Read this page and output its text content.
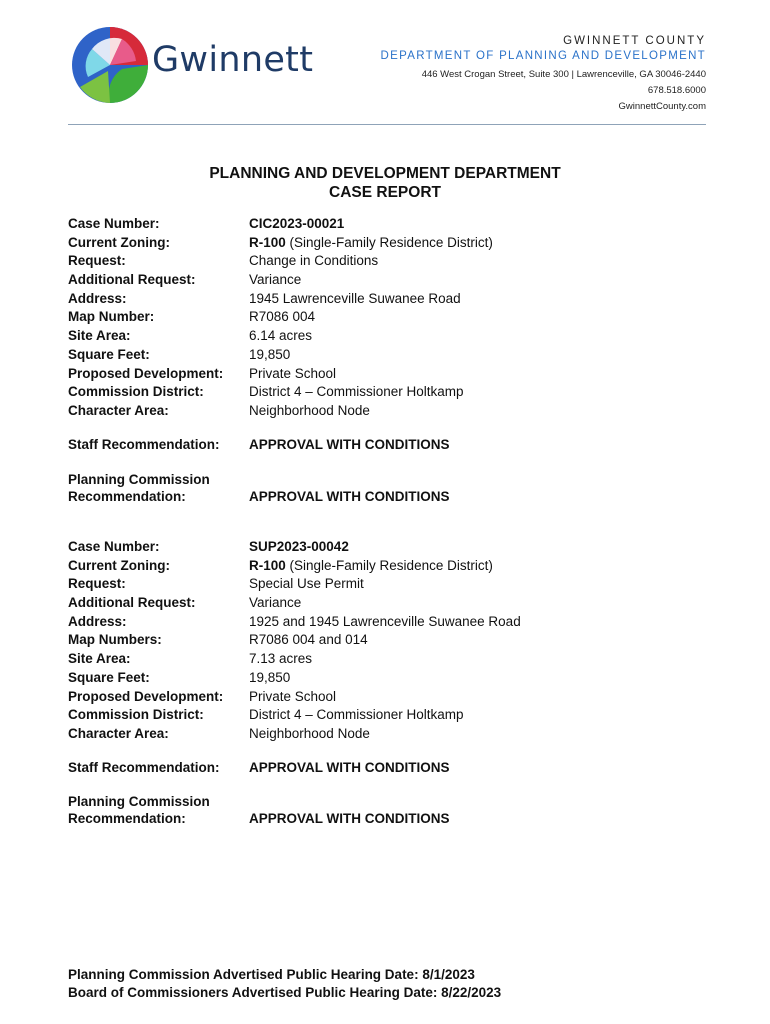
Gwinnett	GWINNETT COUNTY
DEPARTMENT OF PLANNING AND DEVELOPMENT
446 West Crogan Street, Suite 300 | Lawrenceville, GA 30046-2440
678.518.6000
GwinnettCounty.com
PLANNING AND DEVELOPMENT DEPARTMENT
CASE REPORT
Case Number:	CIC2023-00021
Current Zoning:	R-100 (Single-Family Residence District)
Request:	Change in Conditions
Additional Request:	Variance
Address:	1945 Lawrenceville Suwanee Road
Map Number:	R7086 004
Site Area:	6.14 acres
Square Feet:	19,850
Proposed Development:	Private School
Commission District:	District 4 – Commissioner Holtkamp
Character Area:	Neighborhood Node
Staff Recommendation:	APPROVAL WITH CONDITIONS
Planning Commission
Recommendation:	APPROVAL WITH CONDITIONS
Case Number:	SUP2023-00042
Current Zoning:	R-100 (Single-Family Residence District)
Request:	Special Use Permit
Additional Request:	Variance
Address:	1925 and 1945 Lawrenceville Suwanee Road
Map Numbers:	R7086 004 and 014
Site Area:	7.13 acres
Square Feet:	19,850
Proposed Development:	Private School
Commission District:	District 4 – Commissioner Holtkamp
Character Area:	Neighborhood Node
Staff Recommendation:	APPROVAL WITH CONDITIONS
Planning Commission
Recommendation:	APPROVAL WITH CONDITIONS
Planning Commission Advertised Public Hearing Date: 8/1/2023
Board of Commissioners Advertised Public Hearing Date: 8/22/2023
